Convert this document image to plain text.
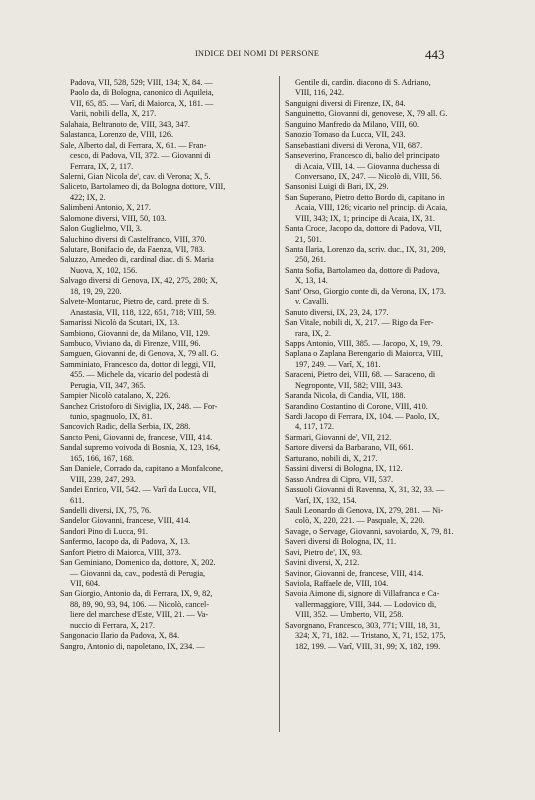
INDICE DEI NOMI DI PERSONE	443
Padova, VII, 528, 529; VIII, 134; X, 84. —
Paolo da, di Bologna, canonico di Aquileia,
VII, 65, 85. — Varî, di Maiorca, X, 181. —
Varii, nobili della, X, 217.
Salahaia, Beltranoto de, VIII, 343, 347.
Salastanca, Lorenzo de, VIII, 126.
Sale, Alberto dal, di Ferrara, X, 61. — Fran-
cesco, di Padova, VII, 372. — Giovanni di
Ferrara, IX, 2, 117.
Salerni, Gian Nicola de', cav. di Verona; X, 5.
Saliceto, Bartolameo di, da Bologna dottore, VIII,
422; IX, 2.
Salimbeni Antonio, X, 217.
Salomone diversi, VIII, 50, 103.
Salon Guglielmo, VII, 3.
Saluchino diversi di Castelfranco, VIII, 370.
Salutare, Bonifacio de, da Faenza, VII, 783.
Saluzzo, Amedeo di, cardinal diac. di S. Maria
Nuova, X, 102, 156.
Salvago diversi di Genova, IX, 42, 275, 280; X,
18, 19, 29, 220.
Salvete-Montaruc, Pietro de, card. prete di S.
Anastasia, VII, 118, 122, 651, 718; VIII, 59.
Samarissi Nicolò da Scutari, IX, 13.
Sambiono, Giovanni de, da Milano, VII, 129.
Sambuco, Viviano da, di Firenze, VIII, 96.
Samguen, Giovanni de, di Genova, X, 79 all. G.
Samminiato, Francesco da, dottor di leggi, VII,
455. — Michele da, vicario del podestà di
Perugia, VII, 347, 365.
Sampier Nicolò catalano, X, 226.
Sanchez Cristoforo di Siviglia, IX, 248. — For-
tunio, spagnuolo, IX, 81.
Sancovich Radic, della Serbia, IX, 288.
Sancto Peni, Giovanni de, francese, VIII, 414.
Sandal supremo voivoda di Bosnia, X, 123, 164,
165, 166, 167, 168.
San Daniele, Corrado da, capitano a Monfalcone,
VIII, 239, 247, 293.
Sandei Enrico, VII, 542. — Varî da Lucca, VII,
611.
Sandelli diversi, IX, 75, 76.
Sandelor Giovanni, francese, VIII, 414.
Sandori Pino di Lucca, 91.
Sanfermo, Iacopo da, di Padova, X, 13.
Sanfort Pietro di Maiorca, VIII, 373.
San Geminiano, Domenico da, dottore, X, 202.
— Giovanni da, cav., podestà di Perugia,
VII, 604.
San Giorgio, Antonio da, di Ferrara, IX, 9, 82,
88, 89, 90, 93, 94, 106. — Nicolò, cancel-
liere del marchese d'Este, VIII, 21. — Va-
nuccio di Ferrara, X, 217.
Sangonacio Ilario da Padova, X, 84.
Sangro, Antonio di, napoletano, IX, 234. —
Gentile di, cardin. diacono di S. Adriano,
VIII, 116, 242.
Sanguigni diversi di Firenze, IX, 84.
Sanguinetto, Giovanni di, genovese, X, 79 all. G.
Sanguino Manfredo da Milano, VIII, 60.
Sanozio Tomaso da Lucca, VII, 243.
Sansebastiani diversi di Verona, VII, 687.
Sanseverino, Francesco di, balio del principato
di Acaia, VIII, 14. — Giovanna duchessa di
Conversano, IX, 247. — Nicolò di, VIII, 56.
Sansonisi Luigi di Bari, IX, 29.
San Superano, Pietro detto Bordo di, capitano in
Acaia, VIII, 126; vicario nel princip. di Acaia,
VIII, 343; IX, 1; principe di Acaia, IX, 31.
Santa Croce, Jacopo da, dottore di Padova, VII,
21, 501.
Santa Ilaria, Lorenzo da, scriv. duc., IX, 31, 209,
250, 261.
Santa Sofia, Bartolameo da, dottore di Padova,
X, 13, 14.
Sant' Orso, Giorgio conte di, da Verona, IX, 173.
v. Cavalli.
Sanuto diversi, IX, 23, 24, 177.
San Vitale, nobili di, X, 217. — Rigo da Fer-
rara, IX, 2.
Sapps Antonio, VIII, 385. — Jacopo, X, 19, 79.
Saplana o Zaplana Berengario di Maiorca, VIII,
197, 249. — Varî, X, 181.
Saraceni, Pietro dei, VIII, 68. — Saraceno, di
Negroponte, VII, 582; VIII, 343.
Saranda Nicola, di Candia, VII, 188.
Sarandino Costantino di Corone, VIII, 410.
Sardi Jacopo di Ferrara, IX, 104. — Paolo, IX,
4, 117, 172.
Sarmari, Giovanni de', VII, 212.
Sartore diversi da Barbarano, VII, 661.
Sarturano, nobili di, X, 217.
Sassini diversi di Bologna, IX, 112.
Sasso Andrea di Cipro, VII, 537.
Sassuoli Giovanni di Ravenna, X, 31, 32, 33. —
Varî, IX, 132, 154.
Sauli Leonardo di Genova, IX, 279, 281. — Ni-
colò, X, 220, 221. — Pasquale, X, 220.
Savage, o Servage, Giovanni, savoiardo, X, 79, 81.
Saveri diversi di Bologna, IX, 11.
Savi, Pietro de', IX, 93.
Savini diversi, X, 212.
Savinor, Giovanni de, francese, VIII, 414.
Saviola, Raffaele de, VIII, 104.
Savoia Aimone di, signore di Villafranca e Ca-
vallermaggiore, VIII, 344. — Lodovico di,
VIII, 352. — Umberto, VII, 258.
Savorgnano, Francesco, 303, 771; VIII, 18, 31,
324; X, 71, 182. — Tristano, X, 71, 152, 175,
182, 199. — Varî, VIII, 31, 99; X, 182, 199.
